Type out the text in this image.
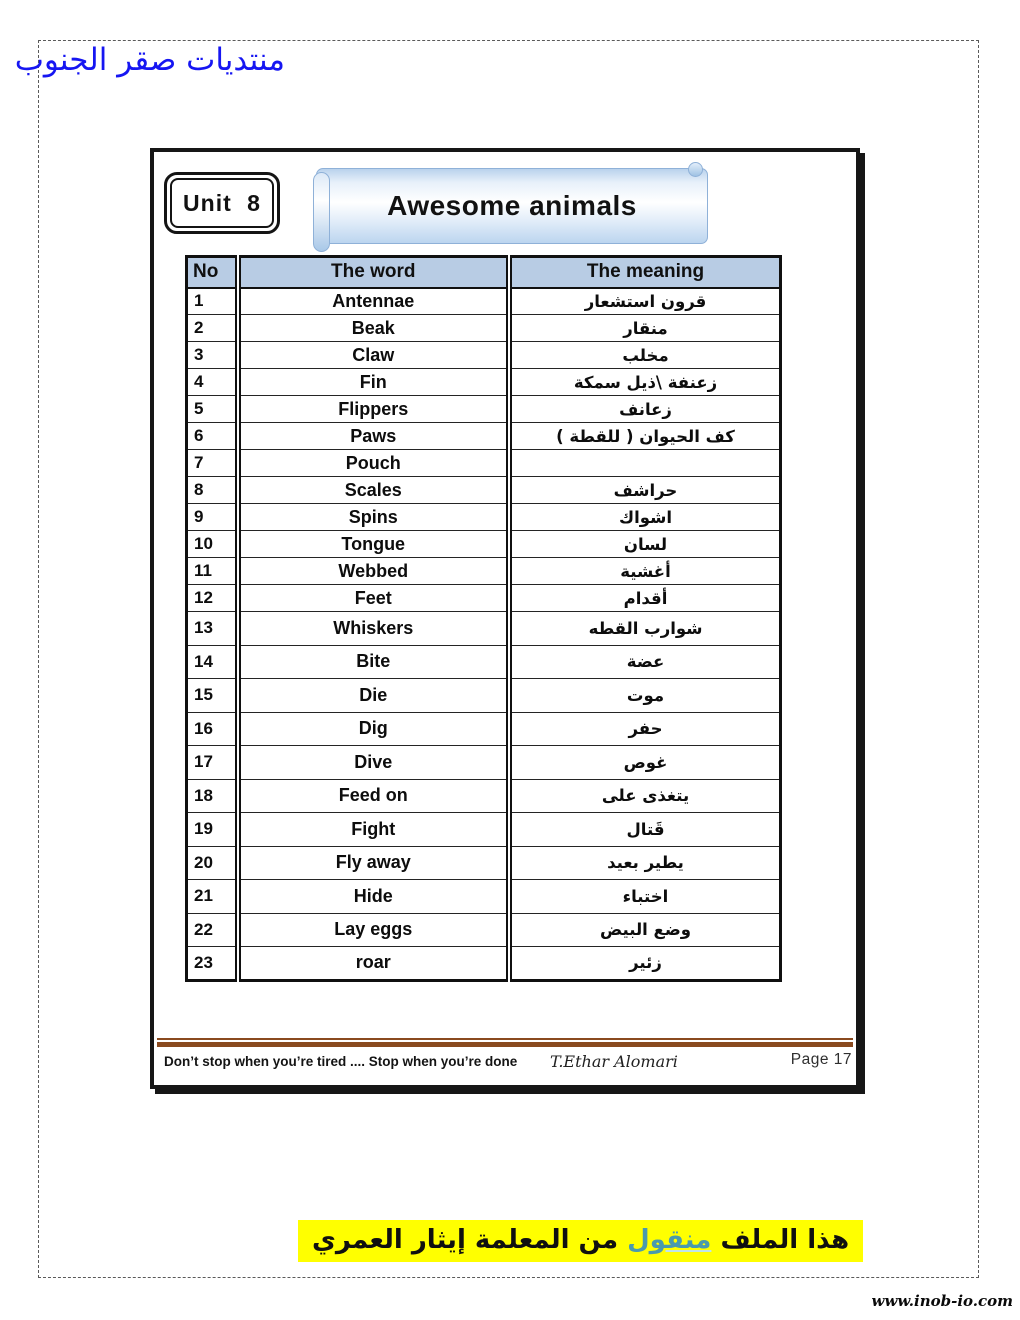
منتديات صقر الجنوب
Unit 8	Awesome animals
No	The word	The meaning
1	Antennae	قرون استشعار
2	Beak	منقار
3	Claw	مخلب
4	Fin	زعنفة \ذيل سمكة
5	Flippers	زعانف
6	Paws	كف الحيوان ( للقطة )
7	Pouch	
8	Scales	حراشف
9	Spins	اشواك
10	Tongue	لسان
11	Webbed	أغشية
12	Feet	أقدام
13	Whiskers	شوارب القطه
14	Bite	عضة
15	Die	موت
16	Dig	حفر
17	Dive	غوص
18	Feed on	يتغذى على
19	Fight	قَتال
20	Fly away	يطير بعيد
21	Hide	اختباء
22	Lay eggs	وضع البيض
23	roar	زئير
Don’t stop when you’re tired .... Stop when you’re done T.Ethar Alomari	Page 17
هذا الملف منقول من المعلمة إيثار العمري
www.inob-io.com
